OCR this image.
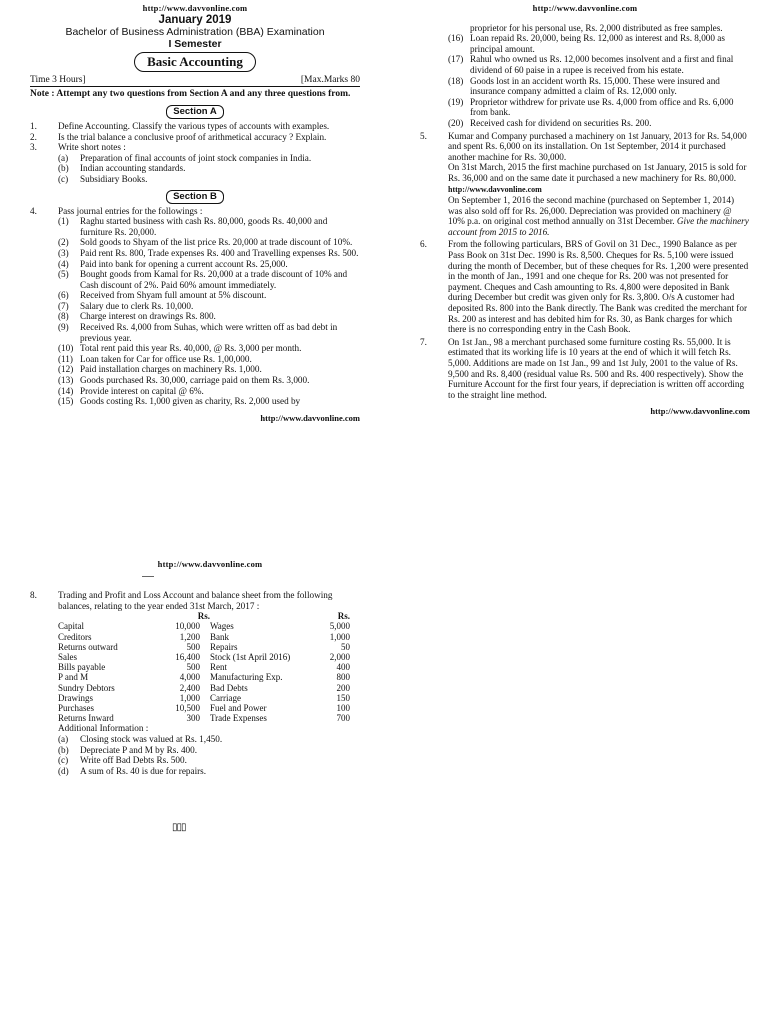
http://www.davvonline.com
January 2019
Bachelor of Business Administration (BBA) Examination
I Semester
Basic Accounting
Time 3 Hours]	[Max.Marks 80
Note : Attempt any two questions from Section A and any three questions from.
Section A
1.	Define Accounting. Classify the various types of accounts with examples.
2.	Is the trial balance a conclusive proof of arithmetical accuracy ? Explain.
3.	Write short notes :
(a)	Preparation of final accounts of joint stock companies in India.
(b)	Indian accounting standards.
(c)	Subsidiary Books.
Section B
4.	Pass journal entries for the followings :
(1)	Raghu started business with cash Rs. 80,000, goods Rs. 40,000 and furniture Rs. 20,000.
(2)	Sold goods to Shyam of the list price Rs. 20,000 at trade discount of 10%.
(3)	Paid rent Rs. 800, Trade expenses Rs. 400 and Travelling expenses Rs. 500.
(4)	Paid into bank for opening a current account Rs. 25,000.
(5)	Bought goods from Kamal for Rs. 20,000 at a trade discount of 10% and Cash discount of 2%. Paid 60% amount immediately.
(6)	Received from Shyam full amount at 5% discount.
(7)	Salary due to clerk Rs. 10,000.
(8)	Charge interest on drawings Rs. 800.
(9)	Received Rs. 4,000 from Suhas, which were written off as bad debt in previous year.
(10) Total rent paid this year Rs. 40,000, @ Rs. 3,000 per month.
(11) Loan taken for Car for office use Rs. 1,00,000.
(12) Paid installation charges on machinery Rs. 1,000.
(13) Goods purchased Rs. 30,000, carriage paid on them Rs. 3,000.
(14) Provide interest on capital @ 6%.
(15) Goods costing Rs. 1,000 given as charity, Rs. 2,000 used by
http://www.davvonline.com
http://www.davvonline.com
proprietor for his personal use, Rs. 2,000 distributed as free samples.
(16) Loan repaid Rs. 20,000, being Rs. 12,000 as interest and Rs. 8,000 as principal amount.
(17) Rahul who owned us Rs. 12,000 becomes insolvent and a first and final dividend of 60 paise in a rupee is received from his estate.
(18) Goods lost in an accident worth Rs. 15,000. These were insured and insurance company admitted a claim of Rs. 12,000 only.
(19) Proprietor withdrew for private use Rs. 4,000 from office and Rs. 6,000 from bank.
(20) Received cash for dividend on securities Rs. 200.
5.	Kumar and Company purchased a machinery on 1st January, 2013 for Rs. 54,000 and spent Rs. 6,000 on its installation. On 1st September, 2014 it purchased another machine for Rs. 30,000.
On 31st March, 2015 the first machine purchased on 1st January, 2015 is sold for Rs. 36,000 and on the same date it purchased a new machinery for Rs. 80,000. http://www.davvonline.com
On September 1, 2016 the second machine (purchased on September 1, 2014) was also sold off for Rs. 26,000. Depreciation was provided on machinery @ 10% p.a. on original cost method annually on 31st December. Give the machinery account from 2015 to 2016.
6.	From the following particulars, BRS of Govil on 31 Dec., 1990 Balance as per Pass Book on 31st Dec. 1990 is Rs. 8,500. Cheques for Rs. 5,100 were issued during the month of December, but of these cheques for Rs. 1,200 were presented in the month of Jan., 1991 and one cheque for Rs. 200 was not presented for payment. Cheques and Cash amounting to Rs. 4,800 were deposited in Bank during December but credit was given only for Rs. 3,800. O/s A customer had deposited Rs. 800 into the Bank directly. The Bank was credited the merchant for Rs. 200 as interest and has debited him for Rs. 30, as Bank charges for which there is no corresponding entry in the Cash Book.
7.	On 1st Jan., 98 a merchant purchased some furniture costing Rs. 55,000. It is estimated that its working life is 10 years at the end of which it will fetch Rs. 5,000. Additions are made on 1st Jan., 99 and 1st July, 2001 to the value of Rs. 9,500 and Rs. 8,400 (residual value Rs. 500 and Rs. 400 respectively). Show the Furniture Account for the first four years, if depreciation is written off according to the straight line method.
http://www.davvonline.com
http://www.davvonline.com
8.	Trading and Profit and Loss Account and balance sheet from the following balances, relating to the year ended 31st March, 2017 :
	Rs.		Rs.
Capital	10,000	Wages	5,000
Creditors	1,200	Bank	1,000
Returns outward	500	Repairs	50
Sales	16,400	Stock (1st April 2016)	2,000
Bills payable	500	Rent	400
P and M	4,000	Manufacturing Exp.	800
Sundry Debtors	2,400	Bad Debts	200
Drawings	1,000	Carriage	150
Purchases	10,500	Fuel and Power	100
Returns Inward	300	Trade Expenses	700
Additional Information :
(a)	Closing stock was valued at Rs. 1,450.
(b)	Depreciate P and M by Rs. 400.
(c)	Write off Bad Debts Rs. 500.
(d)	A sum of Rs. 40 is due for repairs.
▯▯▯
